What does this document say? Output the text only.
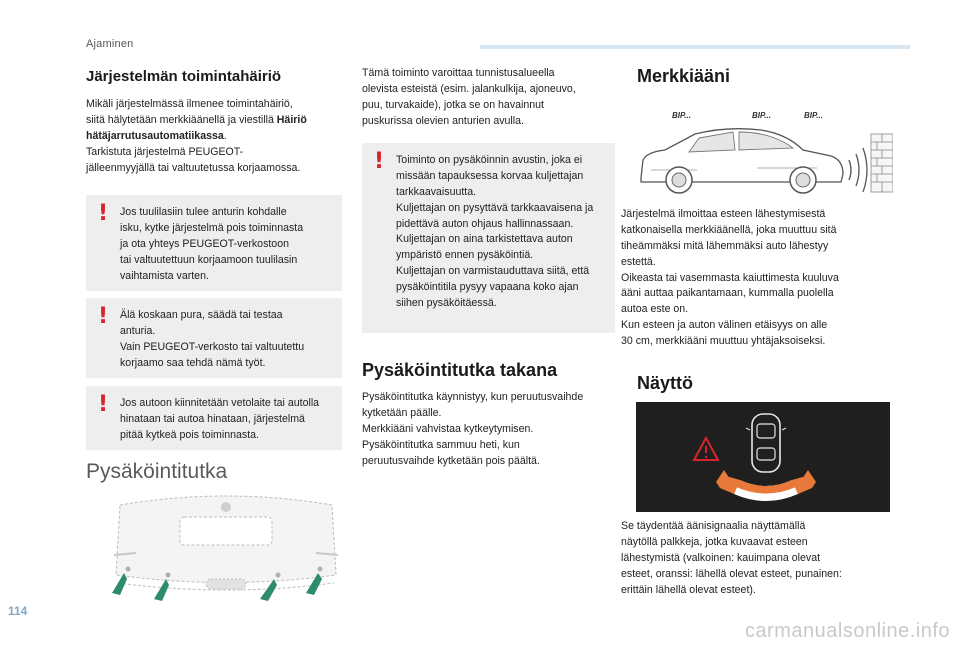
Ajaminen
Järjestelmän toimintahäiriö

Mikäli järjestelmässä ilmenee toimintahäiriö,
siitä hälytetään merkkiäänellä ja viestillä Häiriö
hätäjarrutusautomatiikassa.
Tarkistuta järjestelmä PEUGEOT-
jälleenmyyjällä tai valtuutetussa korjaamossa.

! Jos tuulilasiin tulee anturin kohdalle
isku, kytke järjestelmä pois toiminnasta
ja ota yhteys PEUGEOT-verkostoon
tai valtuutettuun korjaamoon tuulilasin
vaihtamista varten.

! Älä koskaan pura, säädä tai testaa
anturia.
Vain PEUGEOT-verkosto tai valtuutettu
korjaamo saa tehdä nämä työt.

! Jos autoon kiinnitetään vetolaite tai autolla
hinataan tai autoa hinataan, järjestelmä
pitää kytkeä pois toiminnasta.

Pysäköintitutka

Tämä toiminto varoittaa tunnistusalueella
olevista esteistä (esim. jalankulkija, ajoneuvo,
puu, turvakaide), jotka se on havainnut
puskurissa olevien anturien avulla.

! Toiminto on pysäköinnin avustin, joka ei
missään tapauksessa korvaa kuljettajan
tarkkaavaisuutta.
Kuljettajan on pysyttävä tarkkaavaisena ja
pidettävä auton ohjaus hallinnassaan.
Kuljettajan on aina tarkistettava auton
ympäristö ennen pysäköintiä.
Kuljettajan on varmistauduttava siitä, että
pysäköintitila pysyy vapaana koko ajan
siihen pysäköitäessä.

Pysäköintitutka takana

Pysäköintitutka käynnistyy, kun peruutusvaihde
kytketään päälle.
Merkkiääni vahvistaa kytkeytymisen.
Pysäköintitutka sammuu heti, kun
peruutusvaihde kytketään pois päältä.

Merkkiääni
BIP...	BIP...	BIP...

Järjestelmä ilmoittaa esteen lähestymisestä
katkonaisella merkkiäänellä, joka muuttuu sitä
tiheämmäksi mitä lähemmäksi auto lähestyy
estettä.
Oikeasta tai vasemmasta kaiuttimesta kuuluva
ääni auttaa paikantamaan, kummalla puolella
autoa este on.
Kun esteen ja auton välinen etäisyys on alle
30 cm, merkkiääni muuttuu yhtäjaksoiseksi.

Näyttö

Se täydentää äänisignaalia näyttämällä
näytöllä palkkeja, jotka kuvaavat esteen
lähestymistä (valkoinen: kauimpana olevat
esteet, oranssi: lähellä olevat esteet, punainen:
erittäin lähellä olevat esteet).

114
carmanualsonline.info
